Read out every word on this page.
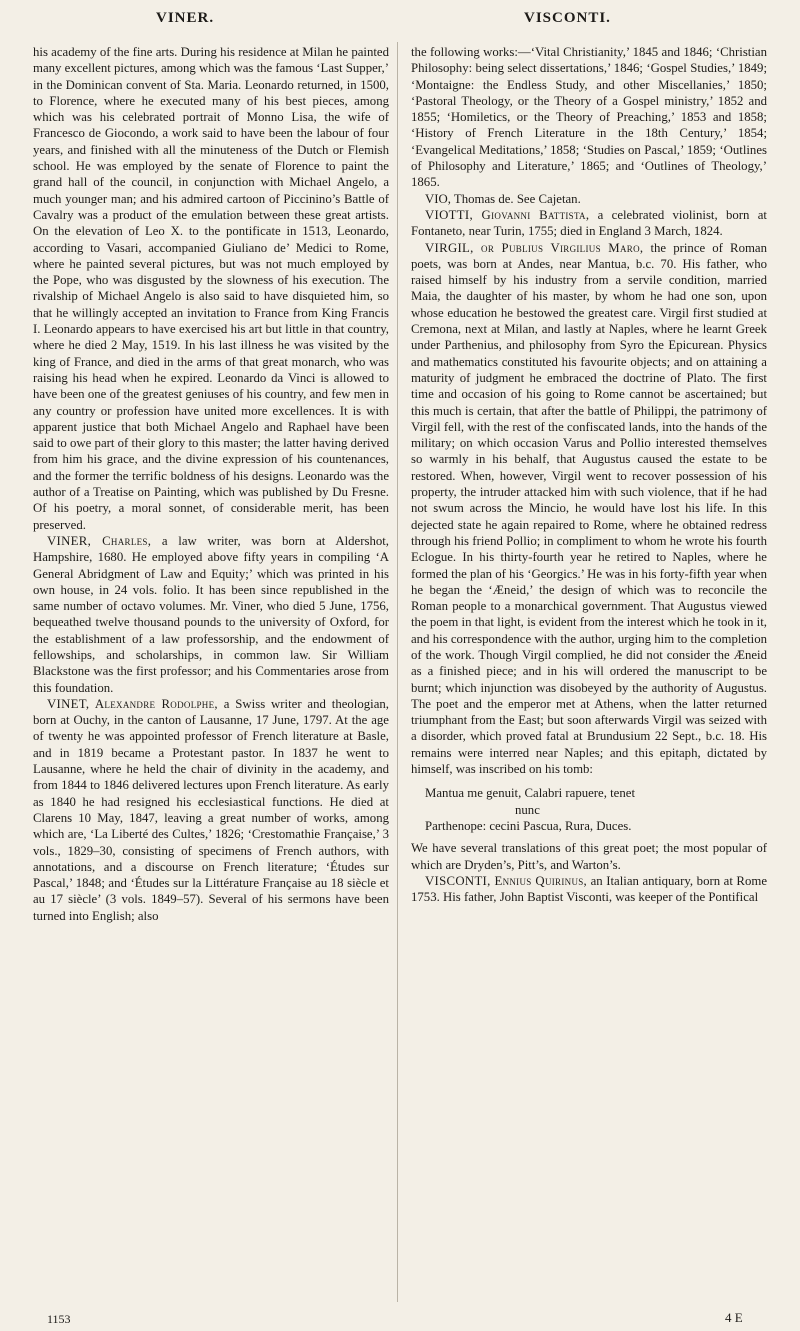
VINER.	VISCONTI.

his academy of the fine arts. During his residence at Milan he painted many excellent pictures, among which was the famous ‘Last Supper,’ in the Dominican convent of Sta. Maria. Leonardo returned, in 1500, to Florence, where he executed many of his best pieces, among which was his celebrated portrait of Monno Lisa, the wife of Francesco de Giocondo, a work said to have been the labour of four years, and finished with all the minuteness of the Dutch or Flemish school. He was employed by the senate of Florence to paint the grand hall of the council, in conjunction with Michael Angelo, a much younger man; and his admired cartoon of Piccinino’s Battle of Cavalry was a product of the emulation between these great artists. On the elevation of Leo X. to the pontificate in 1513, Leonardo, according to Vasari, accompanied Giuliano de’ Medici to Rome, where he painted several pictures, but was not much employed by the Pope, who was disgusted by the slowness of his execution. The rivalship of Michael Angelo is also said to have disquieted him, so that he willingly accepted an invitation to France from King Francis I. Leonardo appears to have exercised his art but little in that country, where he died 2 May, 1519. In his last illness he was visited by the king of France, and died in the arms of that great monarch, who was raising his head when he expired. Leonardo da Vinci is allowed to have been one of the greatest geniuses of his country, and few men in any country or profession have united more excellences. It is with apparent justice that both Michael Angelo and Raphael have been said to owe part of their glory to this master; the latter having derived from him his grace, and the divine expression of his countenances, and the former the terrific boldness of his designs. Leonardo was the author of a Treatise on Painting, which was published by Du Fresne. Of his poetry, a moral sonnet, of considerable merit, has been preserved.

VINER, Charles, a law writer, was born at Aldershot, Hampshire, 1680. He employed above fifty years in compiling ‘A General Abridgment of Law and Equity;’ which was printed in his own house, in 24 vols. folio. It has been since republished in the same number of octavo volumes. Mr. Viner, who died 5 June, 1756, bequeathed twelve thousand pounds to the university of Oxford, for the establishment of a law professorship, and the endowment of fellowships, and scholarships, in common law. Sir William Blackstone was the first professor; and his Commentaries arose from this foundation.

VINET, Alexandre Rodolphe, a Swiss writer and theologian, born at Ouchy, in the canton of Lausanne, 17 June, 1797. At the age of twenty he was appointed professor of French literature at Basle, and in 1819 became a Protestant pastor. In 1837 he went to Lausanne, where he held the chair of divinity in the academy, and from 1844 to 1846 delivered lectures upon French literature. As early as 1840 he had resigned his ecclesiastical functions. He died at Clarens 10 May, 1847, leaving a great number of works, among which are, ‘La Liberté des Cultes,’ 1826; ‘Crestomathie Française,’ 3 vols., 1829–30, consisting of specimens of French authors, with annotations, and a discourse on French literature; ‘Études sur Pascal,’ 1848; and ‘Études sur la Littérature Française au 18 siècle et au 17 siècle’ (3 vols. 1849–57). Several of his sermons have been turned into English; also

the following works:—‘Vital Christianity,’ 1845 and 1846; ‘Christian Philosophy: being select dissertations,’ 1846; ‘Gospel Studies,’ 1849; ‘Montaigne: the Endless Study, and other Miscellanies,’ 1850; ‘Pastoral Theology, or the Theory of a Gospel ministry,’ 1852 and 1855; ‘Homiletics, or the Theory of Preaching,’ 1853 and 1858; ‘History of French Literature in the 18th Century,’ 1854; ‘Evangelical Meditations,’ 1858; ‘Studies on Pascal,’ 1859; ‘Outlines of Philosophy and Literature,’ 1865; and ‘Outlines of Theology,’ 1865.

VIO, Thomas de. See Cajetan.

VIOTTI, Giovanni Battista, a celebrated violinist, born at Fontaneto, near Turin, 1755; died in England 3 March, 1824.

VIRGIL, or Publius Virgilius Maro, the prince of Roman poets, was born at Andes, near Mantua, b.c. 70. His father, who raised himself by his industry from a servile condition, married Maia, the daughter of his master, by whom he had one son, upon whose education he bestowed the greatest care. Virgil first studied at Cremona, next at Milan, and lastly at Naples, where he learnt Greek under Parthenius, and philosophy from Syro the Epicurean. Physics and mathematics constituted his favourite objects; and on attaining a maturity of judgment he embraced the doctrine of Plato. The first time and occasion of his going to Rome cannot be ascertained; but this much is certain, that after the battle of Philippi, the patrimony of Virgil fell, with the rest of the confiscated lands, into the hands of the military; on which occasion Varus and Pollio interested themselves so warmly in his behalf, that Augustus caused the estate to be restored. When, however, Virgil went to recover possession of his property, the intruder attacked him with such violence, that if he had not swum across the Mincio, he would have lost his life. In this dejected state he again repaired to Rome, where he obtained redress through his friend Pollio; in compliment to whom he wrote his fourth Eclogue. In his thirty-fourth year he retired to Naples, where he formed the plan of his ‘Georgics.’ He was in his forty-fifth year when he began the ‘Æneid,’ the design of which was to reconcile the Roman people to a monarchical government. That Augustus viewed the poem in that light, is evident from the interest which he took in it, and his correspondence with the author, urging him to the completion of the work. Though Virgil complied, he did not consider the Æneid as a finished piece; and in his will ordered the manuscript to be burnt; which injunction was disobeyed by the authority of Augustus. The poet and the emperor met at Athens, when the latter returned triumphant from the East; but soon afterwards Virgil was seized with a disorder, which proved fatal at Brundusium 22 Sept., b.c. 18. His remains were interred near Naples; and this epitaph, dictated by himself, was inscribed on his tomb:

Mantua me genuit, Calabri rapuere, tenet
nunc
Parthenope: cecini Pascua, Rura, Duces.

We have several translations of this great poet; the most popular of which are Dryden’s, Pitt’s, and Warton’s.

VISCONTI, Ennius Quirinus, an Italian antiquary, born at Rome 1753. His father, John Baptist Visconti, was keeper of the Pontifical

1153	4 E
